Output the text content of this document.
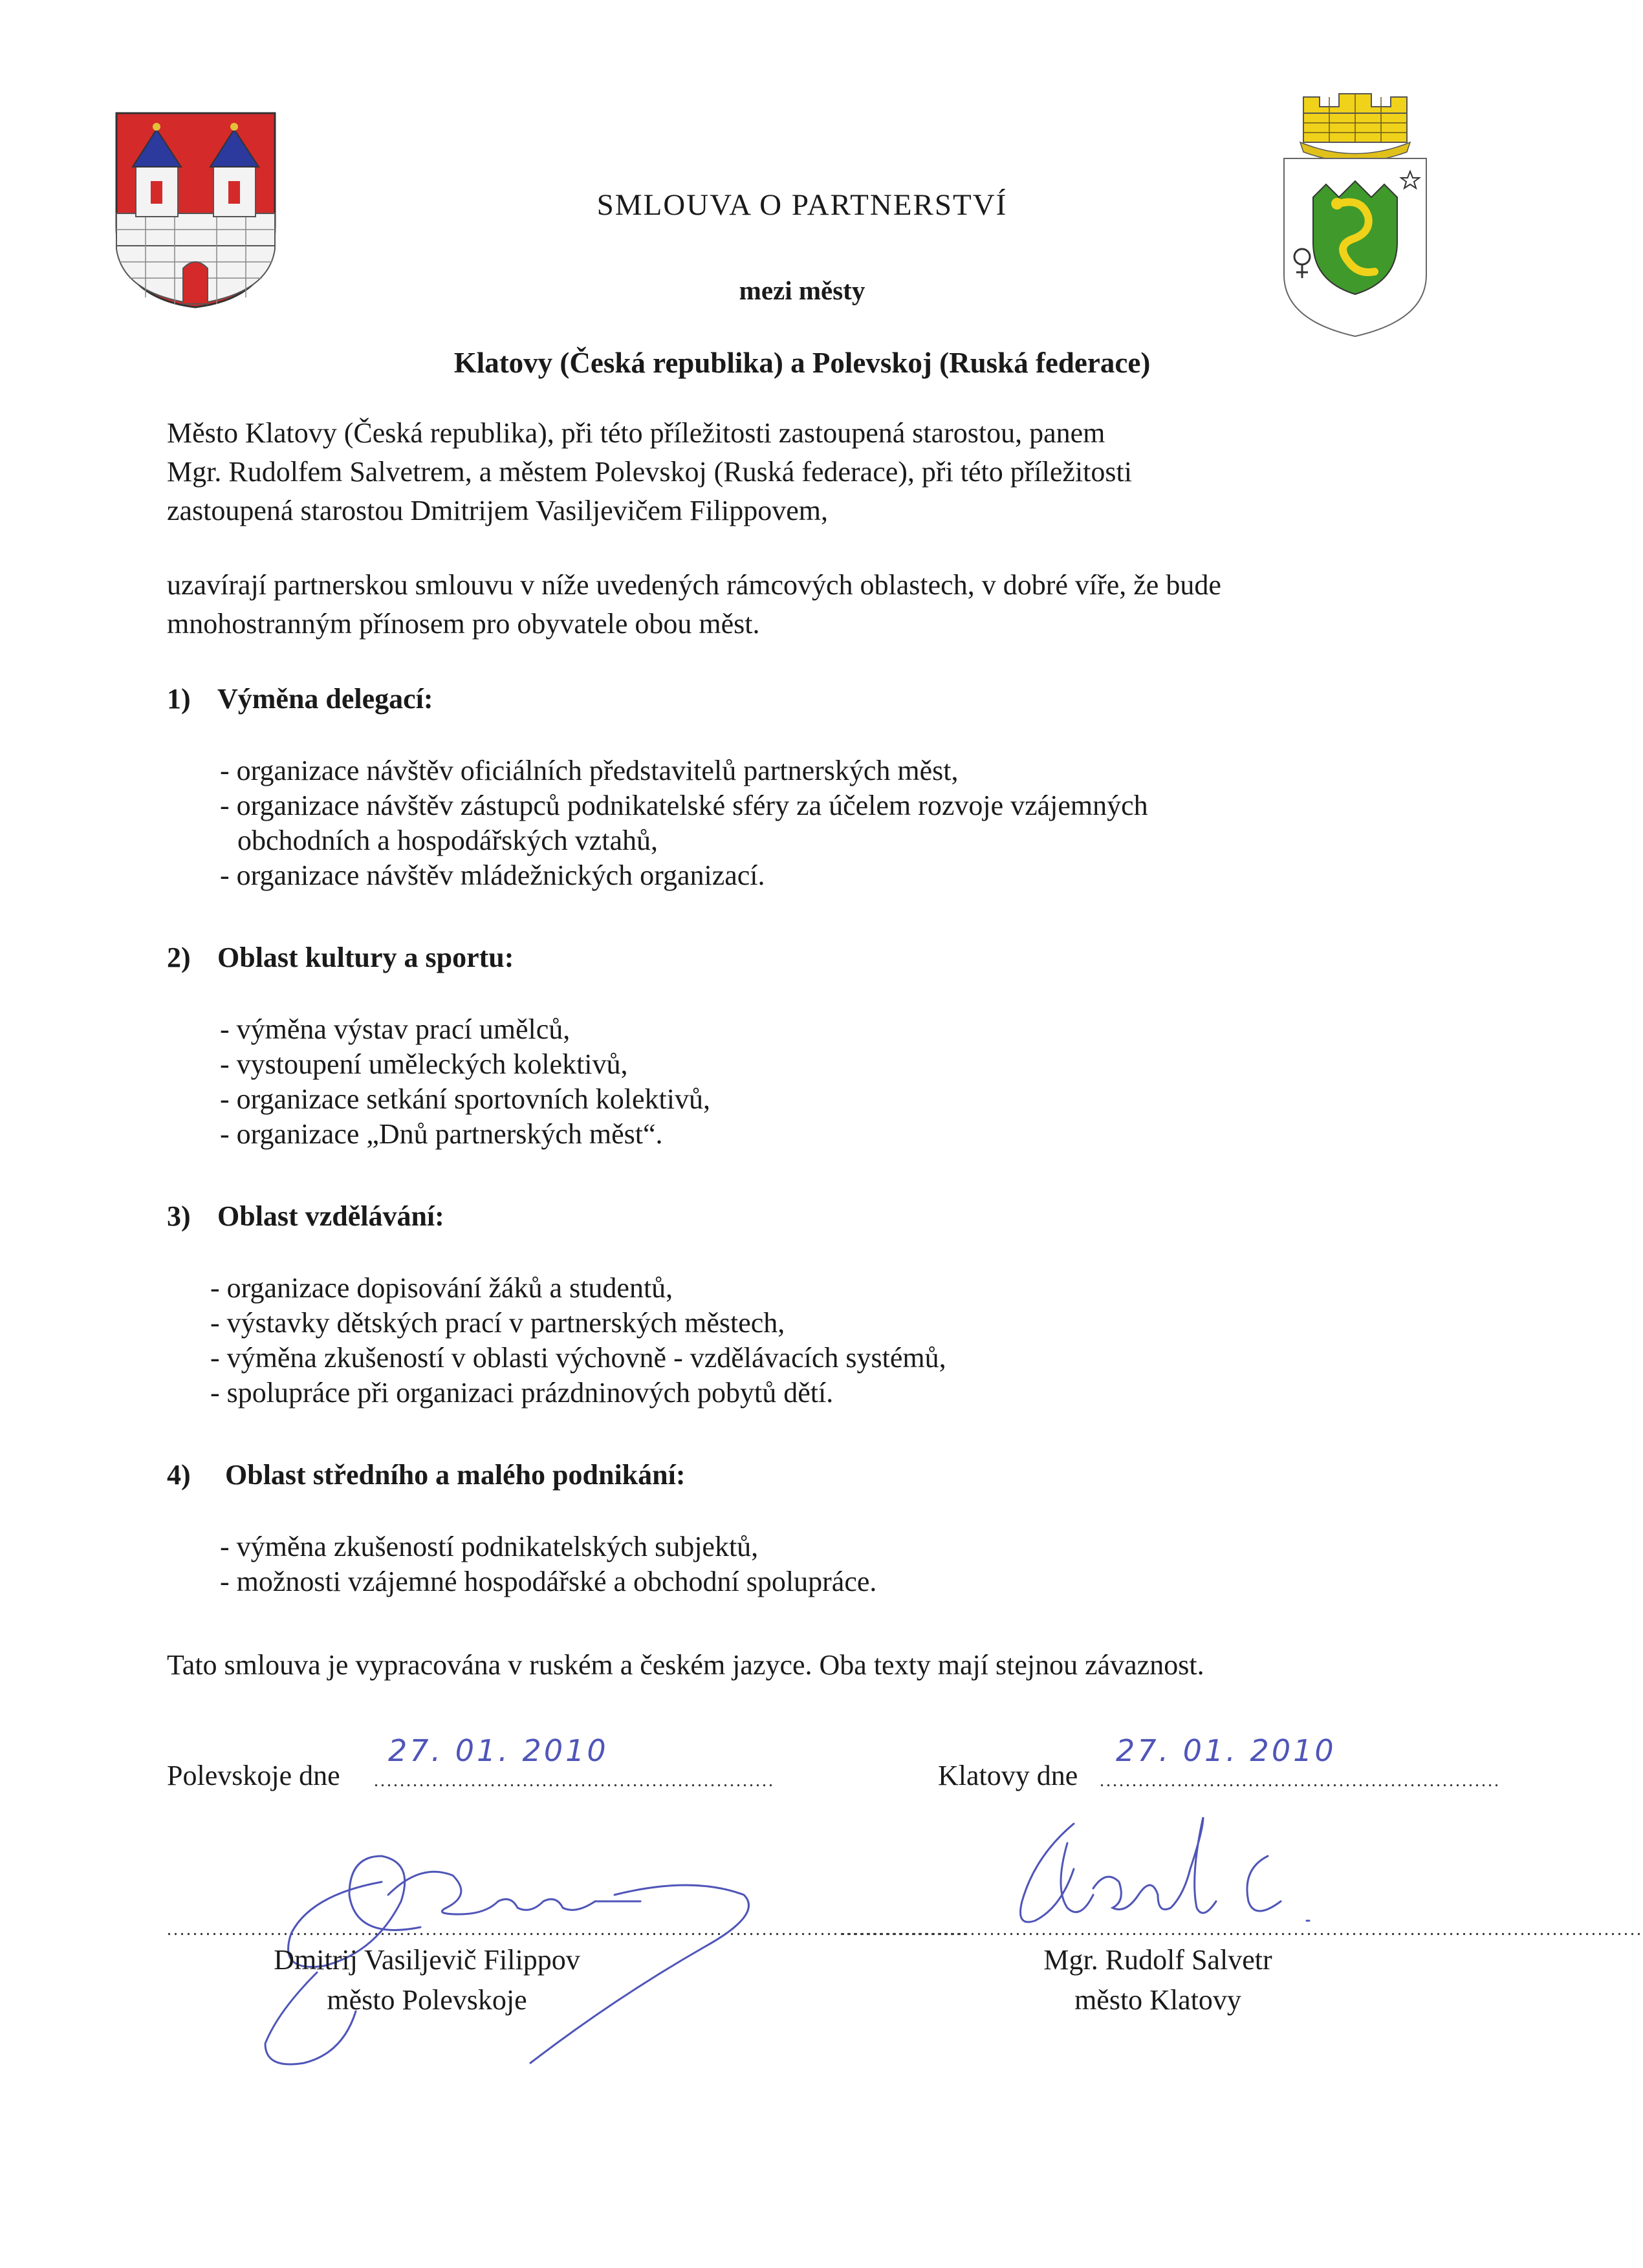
SMLOUVA O PARTNERSTVÍ
mezi městy
Klatovy (Česká republika) a Polevskoj (Ruská federace)
Město Klatovy (Česká republika), při této příležitosti zastoupená starostou, panem
Mgr. Rudolfem Salvetrem, a městem Polevskoj (Ruská federace), při této příležitosti
zastoupená starostou Dmitrijem Vasiljevičem Filippovem,
uzavírají partnerskou smlouvu v níže uvedených rámcových oblastech, v dobré víře, že bude
mnohostranným přínosem pro obyvatele obou měst.
1) Výměna delegací:
- organizace návštěv oficiálních představitelů partnerských měst,
- organizace návštěv zástupců podnikatelské sféry za účelem rozvoje vzájemných
obchodních a hospodářských vztahů,
- organizace návštěv mládežnických organizací.
2) Oblast kultury a sportu:
- výměna výstav prací umělců,
- vystoupení uměleckých kolektivů,
- organizace setkání sportovních kolektivů,
- organizace „Dnů partnerských měst“.
3) Oblast vzdělávání:
- organizace dopisování žáků a studentů,
- výstavky dětských prací v partnerských městech,
- výměna zkušeností v oblasti výchovně - vzdělávacích systémů,
- spolupráce při organizaci prázdninových pobytů dětí.
4) Oblast středního a malého podnikání:
- výměna zkušeností podnikatelských subjektů,
- možnosti vzájemné hospodářské a obchodní spolupráce.
Tato smlouva je vypracována v ruském a českém jazyce. Oba texty mají stejnou závaznost.
Polevskoje dne ..............................................................
27. 01. 2010
Klatovy dne ..............................................................
27. 01. 2010
............................................................................................................................
............................................................................................................................
Dmitrij Vasiljevič Filippov
město Polevskoje
Mgr. Rudolf Salvetr
město Klatovy
